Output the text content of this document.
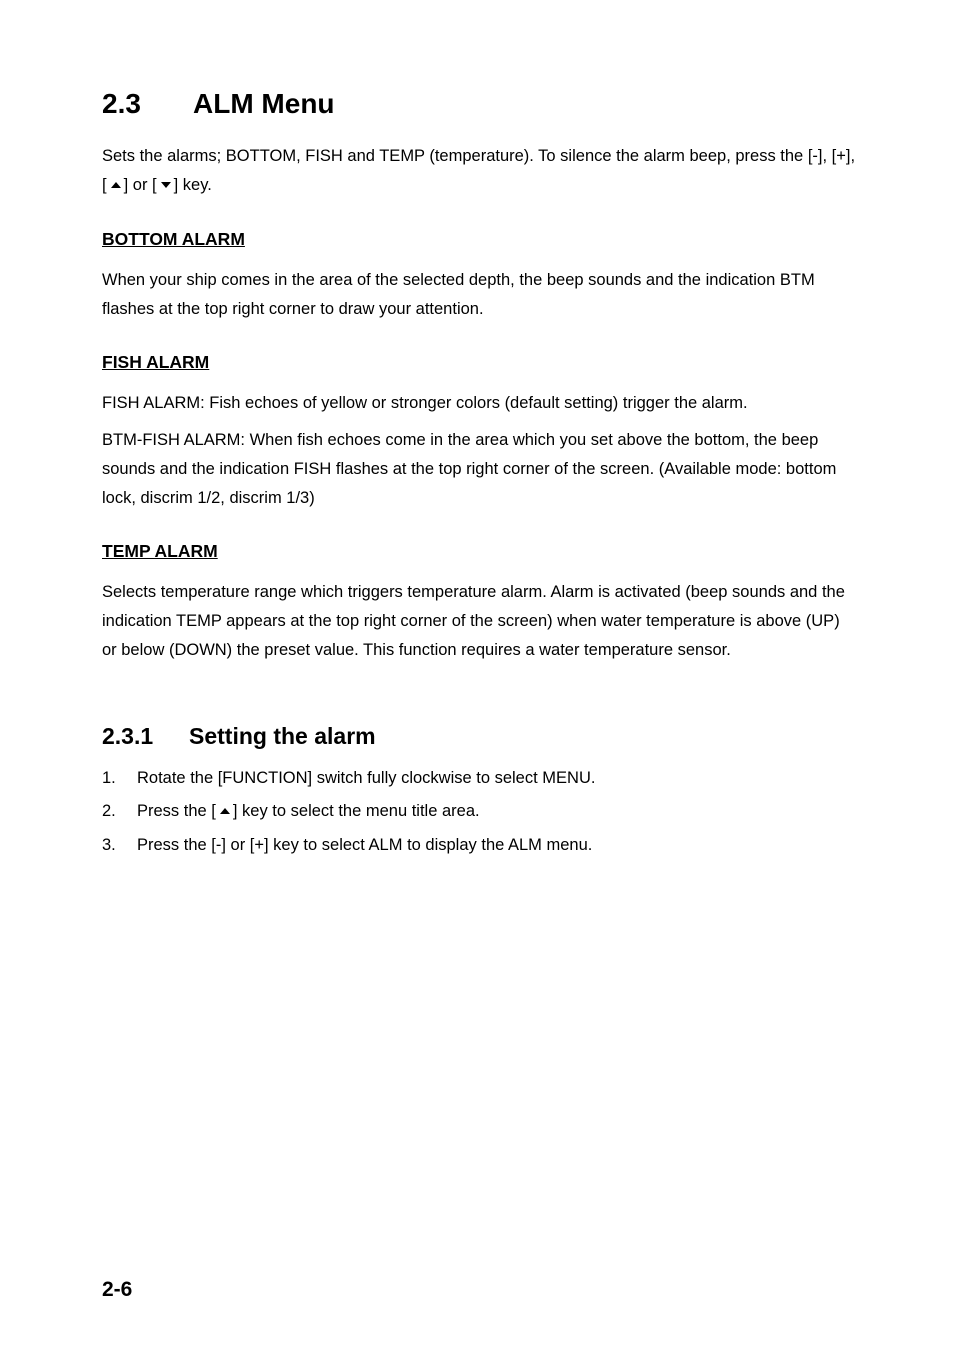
2.3 ALM Menu

Sets the alarms; BOTTOM, FISH and TEMP (temperature). To silence the alarm beep, press the [-], [+], [ ] or [ ] key.

BOTTOM ALARM

When your ship comes in the area of the selected depth, the beep sounds and the indication BTM flashes at the top right corner to draw your attention.

FISH ALARM

FISH ALARM: Fish echoes of yellow or stronger colors (default setting) trigger the alarm.

BTM-FISH ALARM: When fish echoes come in the area which you set above the bottom, the beep sounds and the indication FISH flashes at the top right corner of the screen. (Available mode: bottom lock, discrim 1/2, discrim 1/3)

TEMP ALARM

Selects temperature range which triggers temperature alarm. Alarm is activated (beep sounds and the indication TEMP appears at the top right corner of the screen) when water temperature is above (UP) or below (DOWN) the preset value. This function requires a water temperature sensor.

2.3.1 Setting the alarm
1. Rotate the [FUNCTION] switch fully clockwise to select MENU.
2. Press the [ ] key to select the menu title area.
3. Press the [-] or [+] key to select ALM to display the ALM menu.
2-6
